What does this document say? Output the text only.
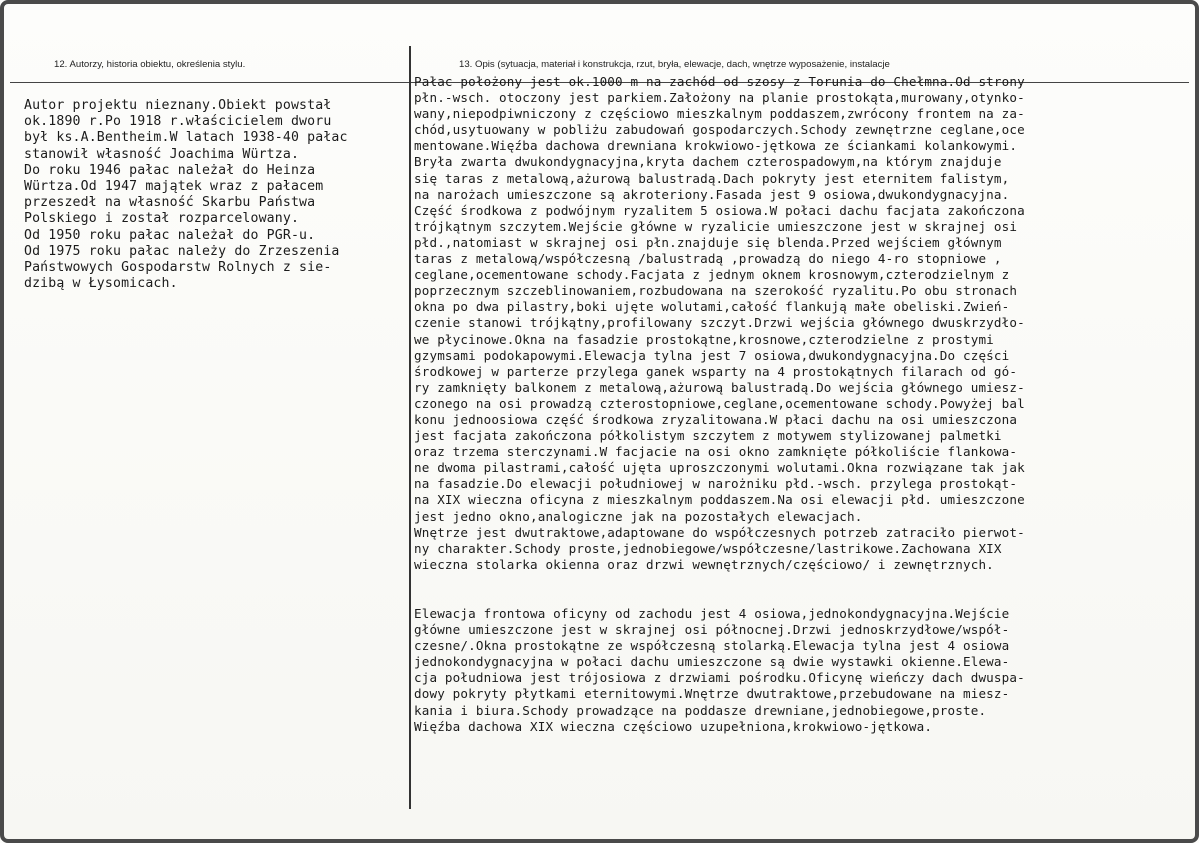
12. Autorzy, historia obiektu, określenia stylu.	13. Opis (sytuacja, materiał i konstrukcja, rzut, bryła, elewacje, dach, wnętrze wyposażenie, instalacje
Autor projektu nieznany.Obiekt powstał
ok.1890 r.Po 1918 r.właścicielem dworu
był ks.A.Bentheim.W latach 1938-40 pałac
stanowił własność Joachima Würtza.
Do roku 1946 pałac należał do Heinza
Würtza.Od 1947 majątek wraz z pałacem
przeszedł na własność Skarbu Państwa
Polskiego i został rozparcelowany.
Od 1950 roku pałac należał do PGR-u.
Od 1975 roku pałac należy do Zrzeszenia
Państwowych Gospodarstw Rolnych z sie-
dzibą w Łysomicach.
Pałac położony jest ok.1000 m na zachód od szosy z Torunia do Chełmna.Od strony
płn.-wsch. otoczony jest parkiem.Założony na planie prostokąta,murowany,otynko-
wany,niepodpiwniczony z częściowo mieszkalnym poddaszem,zwrócony frontem na za-
chód,usytuowany w pobliżu zabudowań gospodarczych.Schody zewnętrzne ceglane,oce
mentowane.Więźba dachowa drewniana krokwiowo-jętkowa ze ściankami kolankowymi.
Bryła zwarta dwukondygnacyjna,kryta dachem czterospadowym,na którym znajduje
się taras z metalową,ażurową balustradą.Dach pokryty jest eternitem falistym,
na narożach umieszczone są akroteriony.Fasada jest 9 osiowa,dwukondygnacyjna.
Część środkowa z podwójnym ryzalitem 5 osiowa.W połaci dachu facjata zakończona
trójkątnym szczytem.Wejście główne w ryzalicie umieszczone jest w skrajnej osi
płd.,natomiast w skrajnej osi płn.znajduje się blenda.Przed wejściem głównym
taras z metalową/współczesną /balustradą ,prowadzą do niego 4-ro stopniowe ,
ceglane,ocementowane schody.Facjata z jednym oknem krosnowym,czterodzielnym z
poprzecznym szczeblinowaniem,rozbudowana na szerokość ryzalitu.Po obu stronach
okna po dwa pilastry,boki ujęte wolutami,całość flankują małe obeliski.Zwień-
czenie stanowi trójkątny,profilowany szczyt.Drzwi wejścia głównego dwuskrzydło-
we płycinowe.Okna na fasadzie prostokątne,krosnowe,czterodzielne z prostymi
gzymsami podokapowymi.Elewacja tylna jest 7 osiowa,dwukondygnacyjna.Do części
środkowej w parterze przylega ganek wsparty na 4 prostokątnych filarach od gó-
ry zamknięty balkonem z metalową,ażurową balustradą.Do wejścia głównego umiesz-
czonego na osi prowadzą czterostopniowe,ceglane,ocementowane schody.Powyżej bal
konu jednoosiowa część środkowa zryzalitowana.W płaci dachu na osi umieszczona
jest facjata zakończona półkolistym szczytem z motywem stylizowanej palmetki
oraz trzema sterczynami.W facjacie na osi okno zamknięte półkoliście flankowa-
ne dwoma pilastrami,całość ujęta uproszczonymi wolutami.Okna rozwiązane tak jak
na fasadzie.Do elewacji południowej w narożniku płd.-wsch. przylega prostokąt-
na XIX wieczna oficyna z mieszkalnym poddaszem.Na osi elewacji płd. umieszczone
jest jedno okno,analogiczne jak na pozostałych elewacjach.
Wnętrze jest dwutraktowe,adaptowane do współczesnych potrzeb zatraciło pierwot-
ny charakter.Schody proste,jednobiegowe/współczesne/lastrikowe.Zachowana XIX
wieczna stolarka okienna oraz drzwi wewnętrznych/częściowo/ i zewnętrznych.
Elewacja frontowa oficyny od zachodu jest 4 osiowa,jednokondygnacyjna.Wejście
główne umieszczone jest w skrajnej osi północnej.Drzwi jednoskrzydłowe/współ-
czesne/.Okna prostokątne ze współczesną stolarką.Elewacja tylna jest 4 osiowa
jednokondygnacyjna w połaci dachu umieszczone są dwie wystawki okienne.Elewa-
cja południowa jest trójosiowa z drzwiami pośrodku.Oficynę wieńczy dach dwuspa-
dowy pokryty płytkami eternitowymi.Wnętrze dwutraktowe,przebudowane na miesz-
kania i biura.Schody prowadzące na poddasze drewniane,jednobiegowe,proste.
Więźba dachowa XIX wieczna częściowo uzupełniona,krokwiowo-jętkowa.
